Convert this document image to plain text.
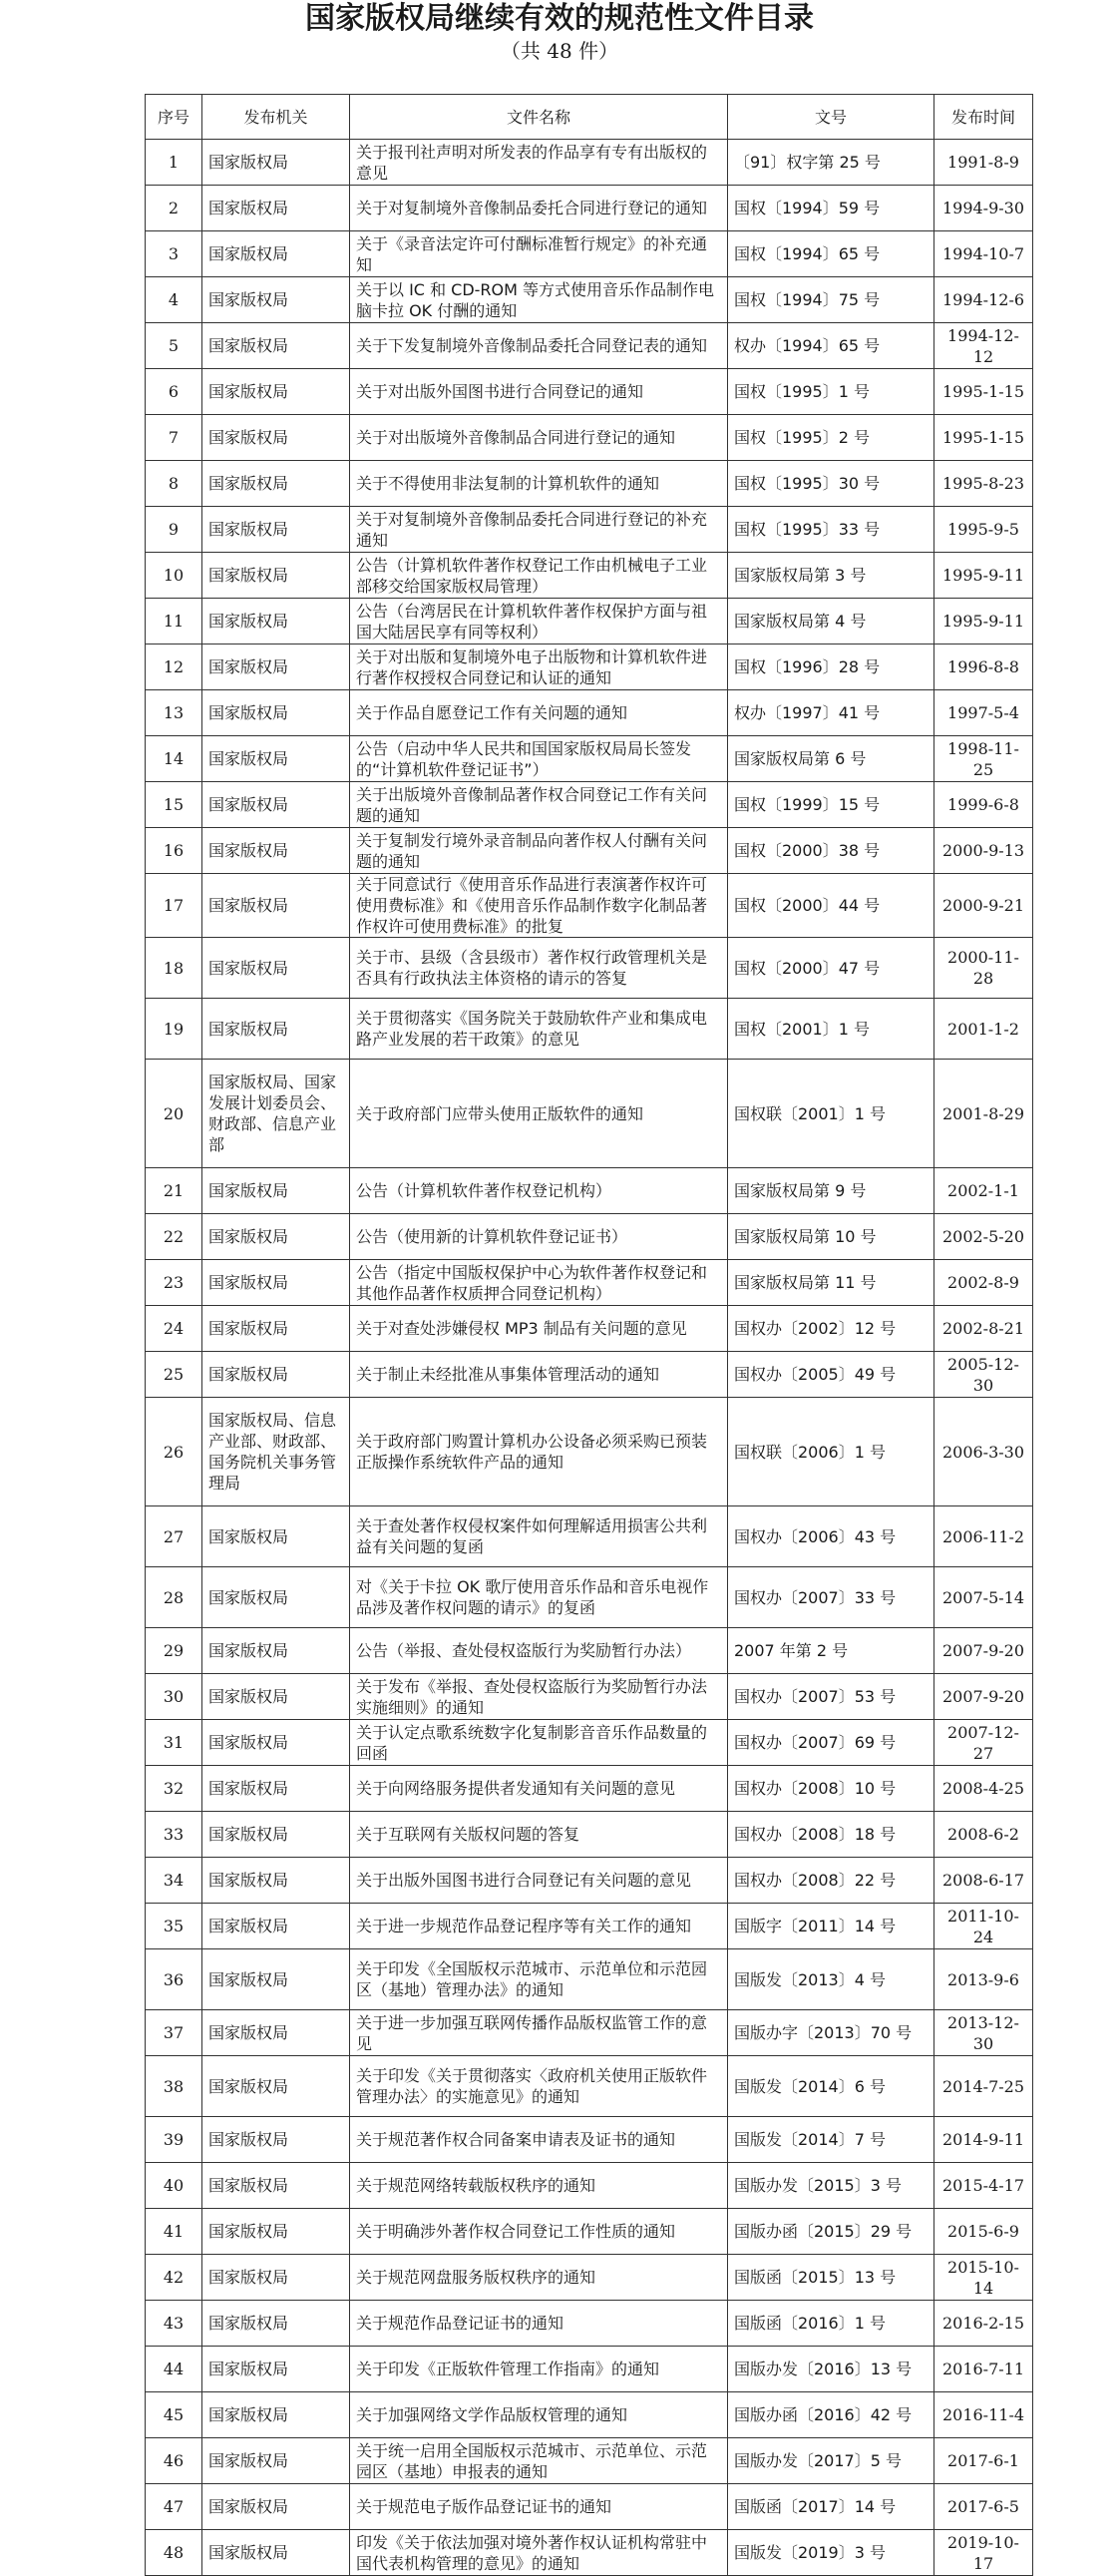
国家版权局继续有效的规范性文件目录
（共 48 件）
序号	发布机关	文件名称	文号	发布时间
1	国家版权局	关于报刊社声明对所发表的作品享有专有出版权的意见	〔91〕权字第 25 号	1991-8-9
2	国家版权局	关于对复制境外音像制品委托合同进行登记的通知	国权〔1994〕59 号	1994-9-30
3	国家版权局	关于《录音法定许可付酬标准暂行规定》的补充通知	国权〔1994〕65 号	1994-10-7
4	国家版权局	关于以 IC 和 CD-ROM 等方式使用音乐作品制作电脑卡拉 OK 付酬的通知	国权〔1994〕75 号	1994-12-6
5	国家版权局	关于下发复制境外音像制品委托合同登记表的通知	权办〔1994〕65 号	1994-12-12
6	国家版权局	关于对出版外国图书进行合同登记的通知	国权〔1995〕1 号	1995-1-15
7	国家版权局	关于对出版境外音像制品合同进行登记的通知	国权〔1995〕2 号	1995-1-15
8	国家版权局	关于不得使用非法复制的计算机软件的通知	国权〔1995〕30 号	1995-8-23
9	国家版权局	关于对复制境外音像制品委托合同进行登记的补充通知	国权〔1995〕33 号	1995-9-5
10	国家版权局	公告（计算机软件著作权登记工作由机械电子工业部移交给国家版权局管理）	国家版权局第 3 号	1995-9-11
11	国家版权局	公告（台湾居民在计算机软件著作权保护方面与祖国大陆居民享有同等权利）	国家版权局第 4 号	1995-9-11
12	国家版权局	关于对出版和复制境外电子出版物和计算机软件进行著作权授权合同登记和认证的通知	国权〔1996〕28 号	1996-8-8
13	国家版权局	关于作品自愿登记工作有关问题的通知	权办〔1997〕41 号	1997-5-4
14	国家版权局	公告（启动中华人民共和国国家版权局局长签发的“计算机软件登记证书”）	国家版权局第 6 号	1998-11-25
15	国家版权局	关于出版境外音像制品著作权合同登记工作有关问题的通知	国权〔1999〕15 号	1999-6-8
16	国家版权局	关于复制发行境外录音制品向著作权人付酬有关问题的通知	国权〔2000〕38 号	2000-9-13
17	国家版权局	关于同意试行《使用音乐作品进行表演著作权许可使用费标准》和《使用音乐作品制作数字化制品著作权许可使用费标准》的批复	国权〔2000〕44 号	2000-9-21
18	国家版权局	关于市、县级（含县级市）著作权行政管理机关是否具有行政执法主体资格的请示的答复	国权〔2000〕47 号	2000-11-28
19	国家版权局	关于贯彻落实《国务院关于鼓励软件产业和集成电路产业发展的若干政策》的意见	国权〔2001〕1 号	2001-1-2
20	国家版权局、国家发展计划委员会、财政部、信息产业部	关于政府部门应带头使用正版软件的通知	国权联〔2001〕1 号	2001-8-29
21	国家版权局	公告（计算机软件著作权登记机构）	国家版权局第 9 号	2002-1-1
22	国家版权局	公告（使用新的计算机软件登记证书）	国家版权局第 10 号	2002-5-20
23	国家版权局	公告（指定中国版权保护中心为软件著作权登记和其他作品著作权质押合同登记机构）	国家版权局第 11 号	2002-8-9
24	国家版权局	关于对查处涉嫌侵权 MP3 制品有关问题的意见	国权办〔2002〕12 号	2002-8-21
25	国家版权局	关于制止未经批准从事集体管理活动的通知	国权办〔2005〕49 号	2005-12-30
26	国家版权局、信息产业部、财政部、国务院机关事务管理局	关于政府部门购置计算机办公设备必须采购已预装正版操作系统软件产品的通知	国权联〔2006〕1 号	2006-3-30
27	国家版权局	关于查处著作权侵权案件如何理解适用损害公共利益有关问题的复函	国权办〔2006〕43 号	2006-11-2
28	国家版权局	对《关于卡拉 OK 歌厅使用音乐作品和音乐电视作品涉及著作权问题的请示》的复函	国权办〔2007〕33 号	2007-5-14
29	国家版权局	公告（举报、查处侵权盗版行为奖励暂行办法）	2007 年第 2 号	2007-9-20
30	国家版权局	关于发布《举报、查处侵权盗版行为奖励暂行办法实施细则》的通知	国权办〔2007〕53 号	2007-9-20
31	国家版权局	关于认定点歌系统数字化复制影音音乐作品数量的回函	国权办〔2007〕69 号	2007-12-27
32	国家版权局	关于向网络服务提供者发通知有关问题的意见	国权办〔2008〕10 号	2008-4-25
33	国家版权局	关于互联网有关版权问题的答复	国权办〔2008〕18 号	2008-6-2
34	国家版权局	关于出版外国图书进行合同登记有关问题的意见	国权办〔2008〕22 号	2008-6-17
35	国家版权局	关于进一步规范作品登记程序等有关工作的通知	国版字〔2011〕14 号	2011-10-24
36	国家版权局	关于印发《全国版权示范城市、示范单位和示范园区（基地）管理办法》的通知	国版发〔2013〕4 号	2013-9-6
37	国家版权局	关于进一步加强互联网传播作品版权监管工作的意见	国版办字〔2013〕70 号	2013-12-30
38	国家版权局	关于印发《关于贯彻落实〈政府机关使用正版软件管理办法〉的实施意见》的通知	国版发〔2014〕6 号	2014-7-25
39	国家版权局	关于规范著作权合同备案申请表及证书的通知	国版发〔2014〕7 号	2014-9-11
40	国家版权局	关于规范网络转载版权秩序的通知	国版办发〔2015〕3 号	2015-4-17
41	国家版权局	关于明确涉外著作权合同登记工作性质的通知	国版办函〔2015〕29 号	2015-6-9
42	国家版权局	关于规范网盘服务版权秩序的通知	国版函〔2015〕13 号	2015-10-14
43	国家版权局	关于规范作品登记证书的通知	国版函〔2016〕1 号	2016-2-15
44	国家版权局	关于印发《正版软件管理工作指南》的通知	国版办发〔2016〕13 号	2016-7-11
45	国家版权局	关于加强网络文学作品版权管理的通知	国版办函〔2016〕42 号	2016-11-4
46	国家版权局	关于统一启用全国版权示范城市、示范单位、示范园区（基地）申报表的通知	国版办发〔2017〕5 号	2017-6-1
47	国家版权局	关于规范电子版作品登记证书的通知	国版函〔2017〕14 号	2017-6-5
48	国家版权局	印发《关于依法加强对境外著作权认证机构常驻中国代表机构管理的意见》的通知	国版发〔2019〕3 号	2019-10-17
